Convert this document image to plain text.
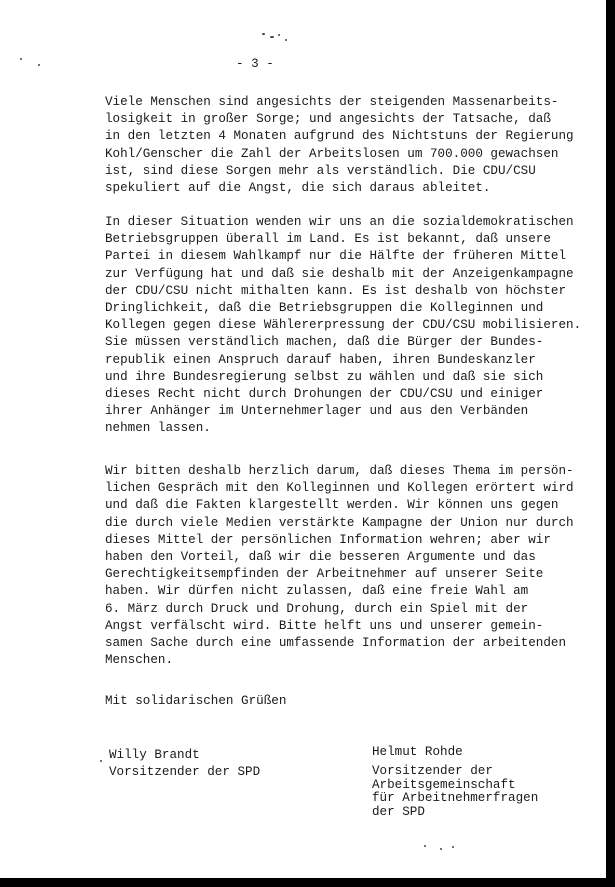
- 3 -

Viele Menschen sind angesichts der steigenden Massenarbeits-
losigkeit in großer Sorge; und angesichts der Tatsache, daß
in den letzten 4 Monaten aufgrund des Nichtstuns der Regierung
Kohl/Genscher die Zahl der Arbeitslosen um 700.000 gewachsen
ist, sind diese Sorgen mehr als verständlich. Die CDU/CSU
spekuliert auf die Angst, die sich daraus ableitet.

In dieser Situation wenden wir uns an die sozialdemokratischen
Betriebsgruppen überall im Land. Es ist bekannt, daß unsere
Partei in diesem Wahlkampf nur die Hälfte der früheren Mittel
zur Verfügung hat und daß sie deshalb mit der Anzeigenkampagne
der CDU/CSU nicht mithalten kann. Es ist deshalb von höchster
Dringlichkeit, daß die Betriebsgruppen die Kolleginnen und
Kollegen gegen diese Wählererpressung der CDU/CSU mobilisieren.
Sie müssen verständlich machen, daß die Bürger der Bundes-
republik einen Anspruch darauf haben, ihren Bundeskanzler
und ihre Bundesregierung selbst zu wählen und daß sie sich
dieses Recht nicht durch Drohungen der CDU/CSU und einiger
ihrer Anhänger im Unternehmerlager und aus den Verbänden
nehmen lassen.

Wir bitten deshalb herzlich darum, daß dieses Thema im persön-
lichen Gespräch mit den Kolleginnen und Kollegen erörtert wird
und daß die Fakten klargestellt werden. Wir können uns gegen
die durch viele Medien verstärkte Kampagne der Union nur durch
dieses Mittel der persönlichen Information wehren; aber wir
haben den Vorteil, daß wir die besseren Argumente und das
Gerechtigkeitsempfinden der Arbeitnehmer auf unserer Seite
haben. Wir dürfen nicht zulassen, daß eine freie Wahl am
6. März durch Druck und Drohung, durch ein Spiel mit der
Angst verfälscht wird. Bitte helft uns und unserer gemein-
samen Sache durch eine umfassende Information der arbeitenden
Menschen.

Mit solidarischen Grüßen
Willy Brandt
Vorsitzender der SPD
Helmut Rohde
Vorsitzender der
Arbeitsgemeinschaft
für Arbeitnehmerfragen
der SPD
